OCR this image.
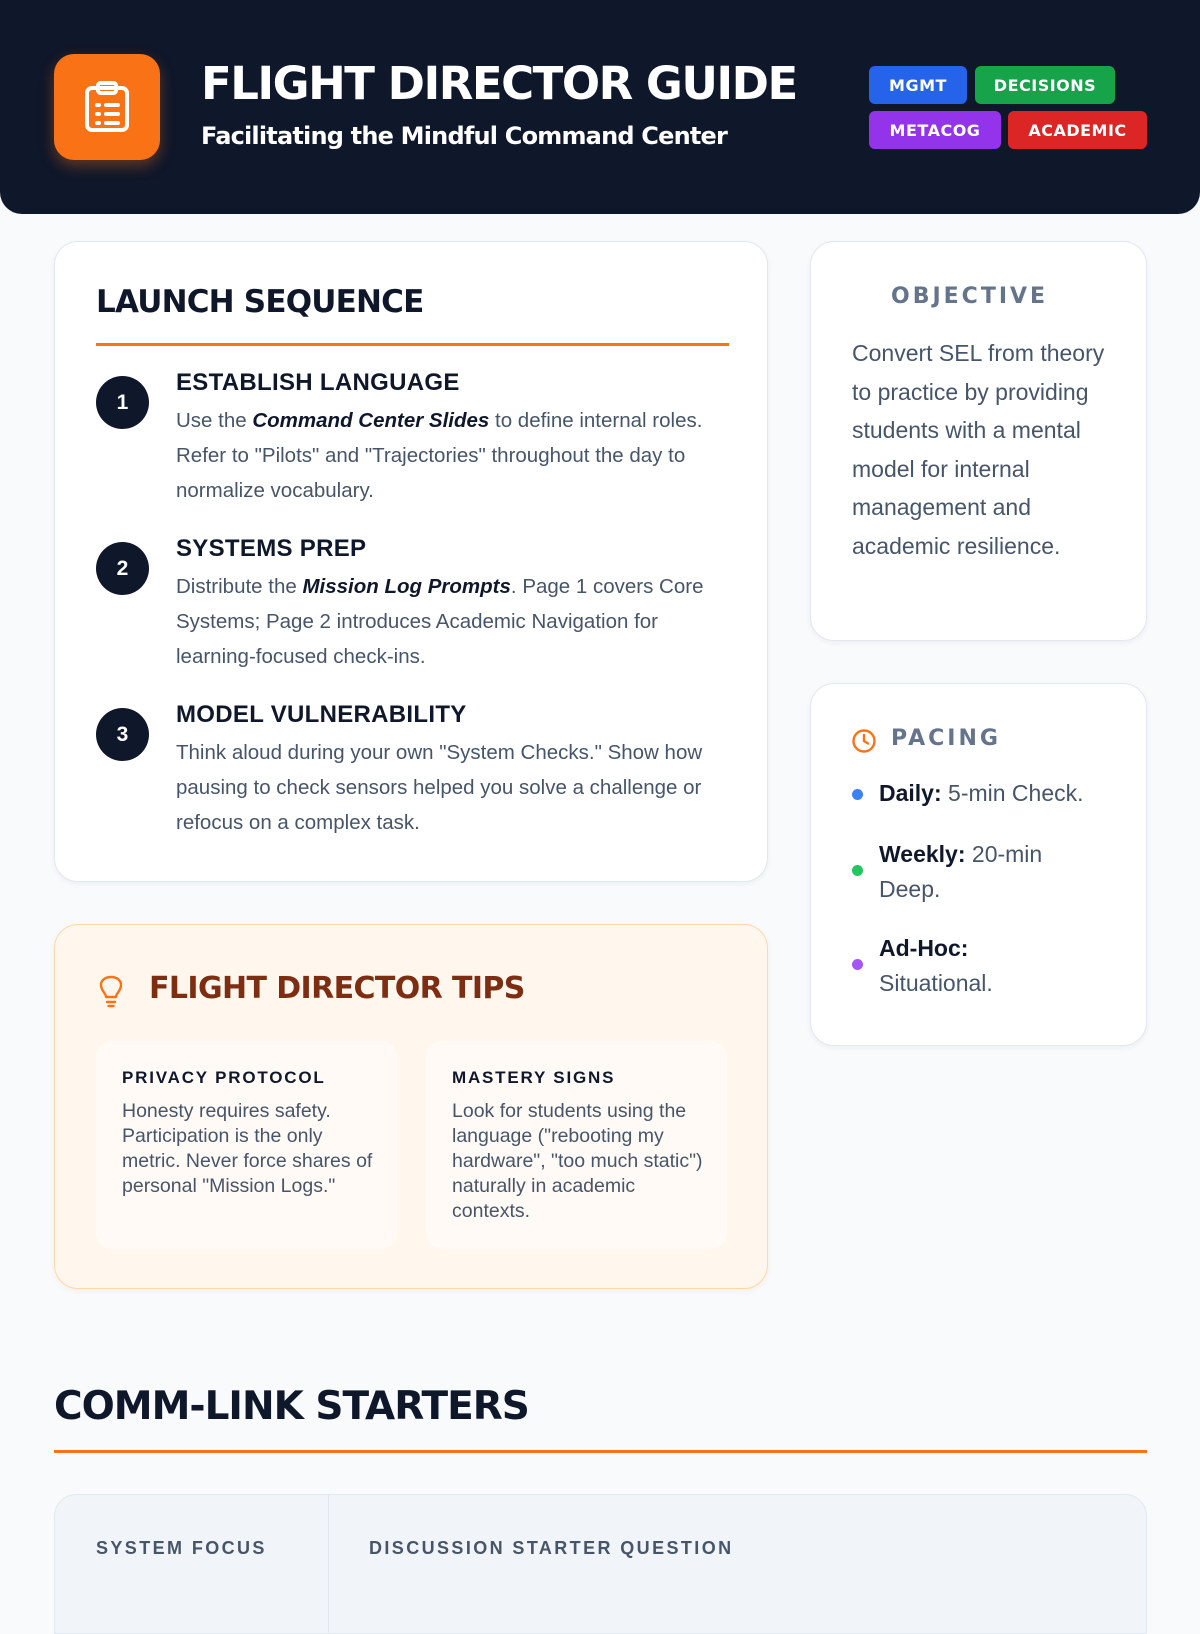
FLIGHT DIRECTOR GUIDE
Facilitating the Mindful Command Center
MGMT	DECISIONS
METACOG	ACADEMIC
LAUNCH SEQUENCE
1
ESTABLISH LANGUAGE

Use the Command Center Slides to define internal roles. Refer to "Pilots" and "Trajectories" throughout the day to normalize vocabulary.

2
SYSTEMS PREP

Distribute the Mission Log Prompts. Page 1 covers Core Systems; Page 2 introduces Academic Navigation for learning-focused check-ins.

3
MODEL VULNERABILITY

Think aloud during your own "System Checks." Show how pausing to check sensors helped you solve a challenge or refocus on a complex task.

OBJECTIVE

Convert SEL from theory to practice by providing students with a mental model for internal management and academic resilience.

PACING
Daily: 5-min Check.
Weekly: 20-min Deep.
Ad-Hoc: Situational.
FLIGHT DIRECTOR TIPS
PRIVACY PROTOCOL

Honesty requires safety. Participation is the only metric. Never force shares of personal "Mission Logs."

MASTERY SIGNS

Look for students using the language ("rebooting my hardware", "too much static") naturally in academic contexts.

COMM-LINK STARTERS
SYSTEM FOCUS	DISCUSSION STARTER QUESTION
